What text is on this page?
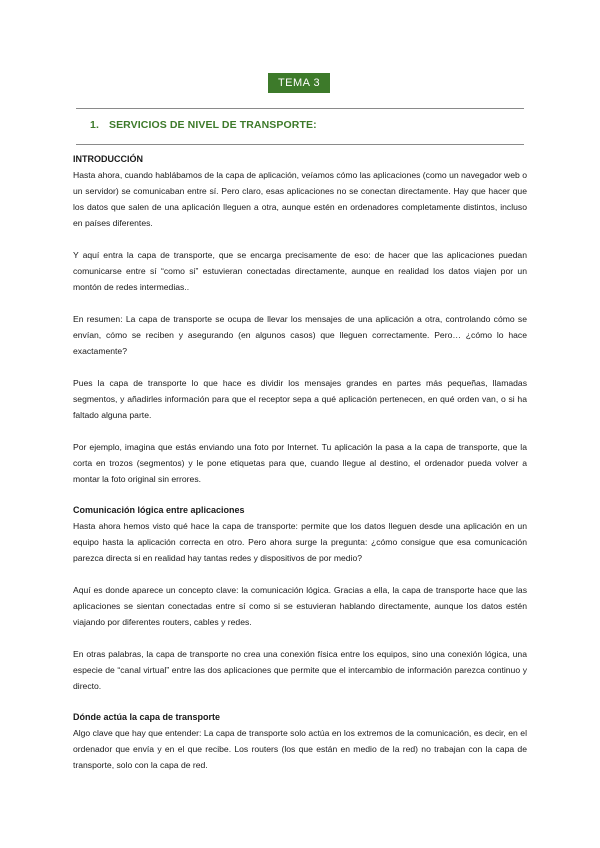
TEMA 3
1. SERVICIOS DE NIVEL DE TRANSPORTE:

INTRODUCCIÓN

Hasta ahora, cuando hablábamos de la capa de aplicación, veíamos cómo las aplicaciones (como un navegador web o un servidor) se comunicaban entre sí. Pero claro, esas aplicaciones no se conectan directamente. Hay que hacer que los datos que salen de una aplicación lleguen a otra, aunque estén en ordenadores completamente distintos, incluso en países diferentes.

Y aquí entra la capa de transporte, que se encarga precisamente de eso: de hacer que las aplicaciones puedan comunicarse entre sí “como si” estuvieran conectadas directamente, aunque en realidad los datos viajen por un montón de redes intermedias..

En resumen: La capa de transporte se ocupa de llevar los mensajes de una aplicación a otra, controlando cómo se envían, cómo se reciben y asegurando (en algunos casos) que lleguen correctamente. Pero… ¿cómo lo hace exactamente?

Pues la capa de transporte lo que hace es dividir los mensajes grandes en partes más pequeñas, llamadas segmentos, y añadirles información para que el receptor sepa a qué aplicación pertenecen, en qué orden van, o si ha faltado alguna parte.

Por ejemplo, imagina que estás enviando una foto por Internet. Tu aplicación la pasa a la capa de transporte, que la corta en trozos (segmentos) y le pone etiquetas para que, cuando llegue al destino, el ordenador pueda volver a montar la foto original sin errores.

Comunicación lógica entre aplicaciones

Hasta ahora hemos visto qué hace la capa de transporte: permite que los datos lleguen desde una aplicación en un equipo hasta la aplicación correcta en otro. Pero ahora surge la pregunta: ¿cómo consigue que esa comunicación parezca directa si en realidad hay tantas redes y dispositivos de por medio?

Aquí es donde aparece un concepto clave: la comunicación lógica. Gracias a ella, la capa de transporte hace que las aplicaciones se sientan conectadas entre sí como si se estuvieran hablando directamente, aunque los datos estén viajando por diferentes routers, cables y redes.

En otras palabras, la capa de transporte no crea una conexión física entre los equipos, sino una conexión lógica, una especie de “canal virtual” entre las dos aplicaciones que permite que el intercambio de información parezca continuo y directo.

Dónde actúa la capa de transporte

Algo clave que hay que entender: La capa de transporte solo actúa en los extremos de la comunicación, es decir, en el ordenador que envía y en el que recibe. Los routers (los que están en medio de la red) no trabajan con la capa de transporte, solo con la capa de red.
